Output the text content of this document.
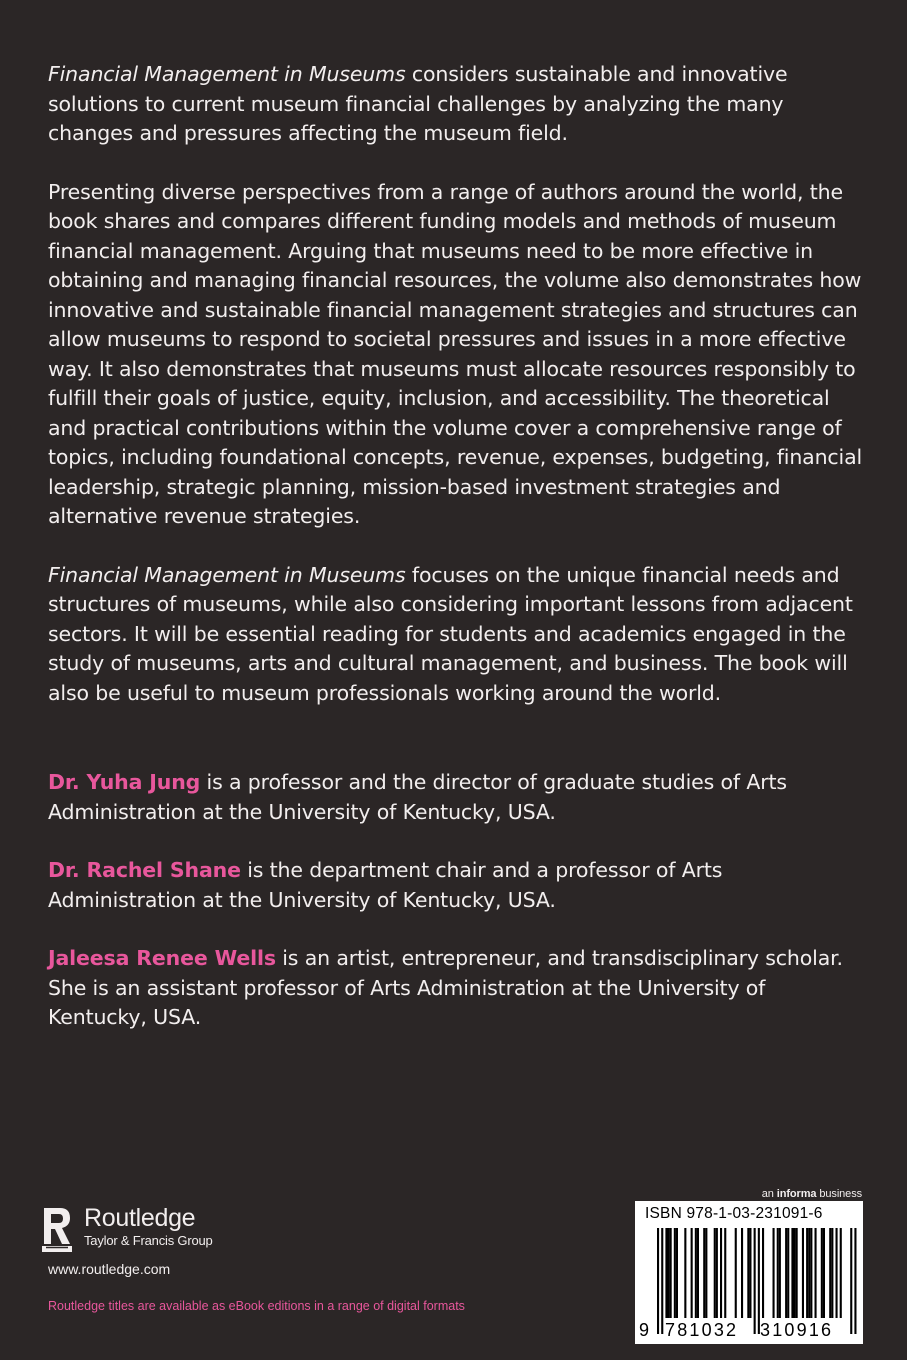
Financial Management in Museums considers sustainable and innovative solutions to current museum financial challenges by analyzing the many changes and pressures affecting the museum field.

Presenting diverse perspectives from a range of authors around the world, the book shares and compares different funding models and methods of museum financial management. Arguing that museums need to be more effective in obtaining and managing financial resources, the volume also demonstrates how innovative and sustainable financial management strategies and structures can allow museums to respond to societal pressures and issues in a more effective way. It also demonstrates that museums must allocate resources responsibly to fulfill their goals of justice, equity, inclusion, and accessibility. The theoretical and practical contributions within the volume cover a comprehensive range of topics, including foundational concepts, revenue, expenses, budgeting, financial leadership, strategic planning, mission-based investment strategies and alternative revenue strategies.

Financial Management in Museums focuses on the unique financial needs and structures of museums, while also considering important lessons from adjacent sectors. It will be essential reading for students and academics engaged in the study of museums, arts and cultural management, and business. The book will also be useful to museum professionals working around the world.

Dr. Yuha Jung is a professor and the director of graduate studies of Arts Administration at the University of Kentucky, USA.

Dr. Rachel Shane is the department chair and a professor of Arts Administration at the University of Kentucky, USA.

Jaleesa Renee Wells is an artist, entrepreneur, and transdisciplinary scholar. She is an assistant professor of Arts Administration at the University of Kentucky, USA.

Routledge
Taylor & Francis Group
www.routledge.com
Routledge titles are available as eBook editions in a range of digital formats
an informa business
ISBN 978-1-03-231091-6
9 781032 310916
